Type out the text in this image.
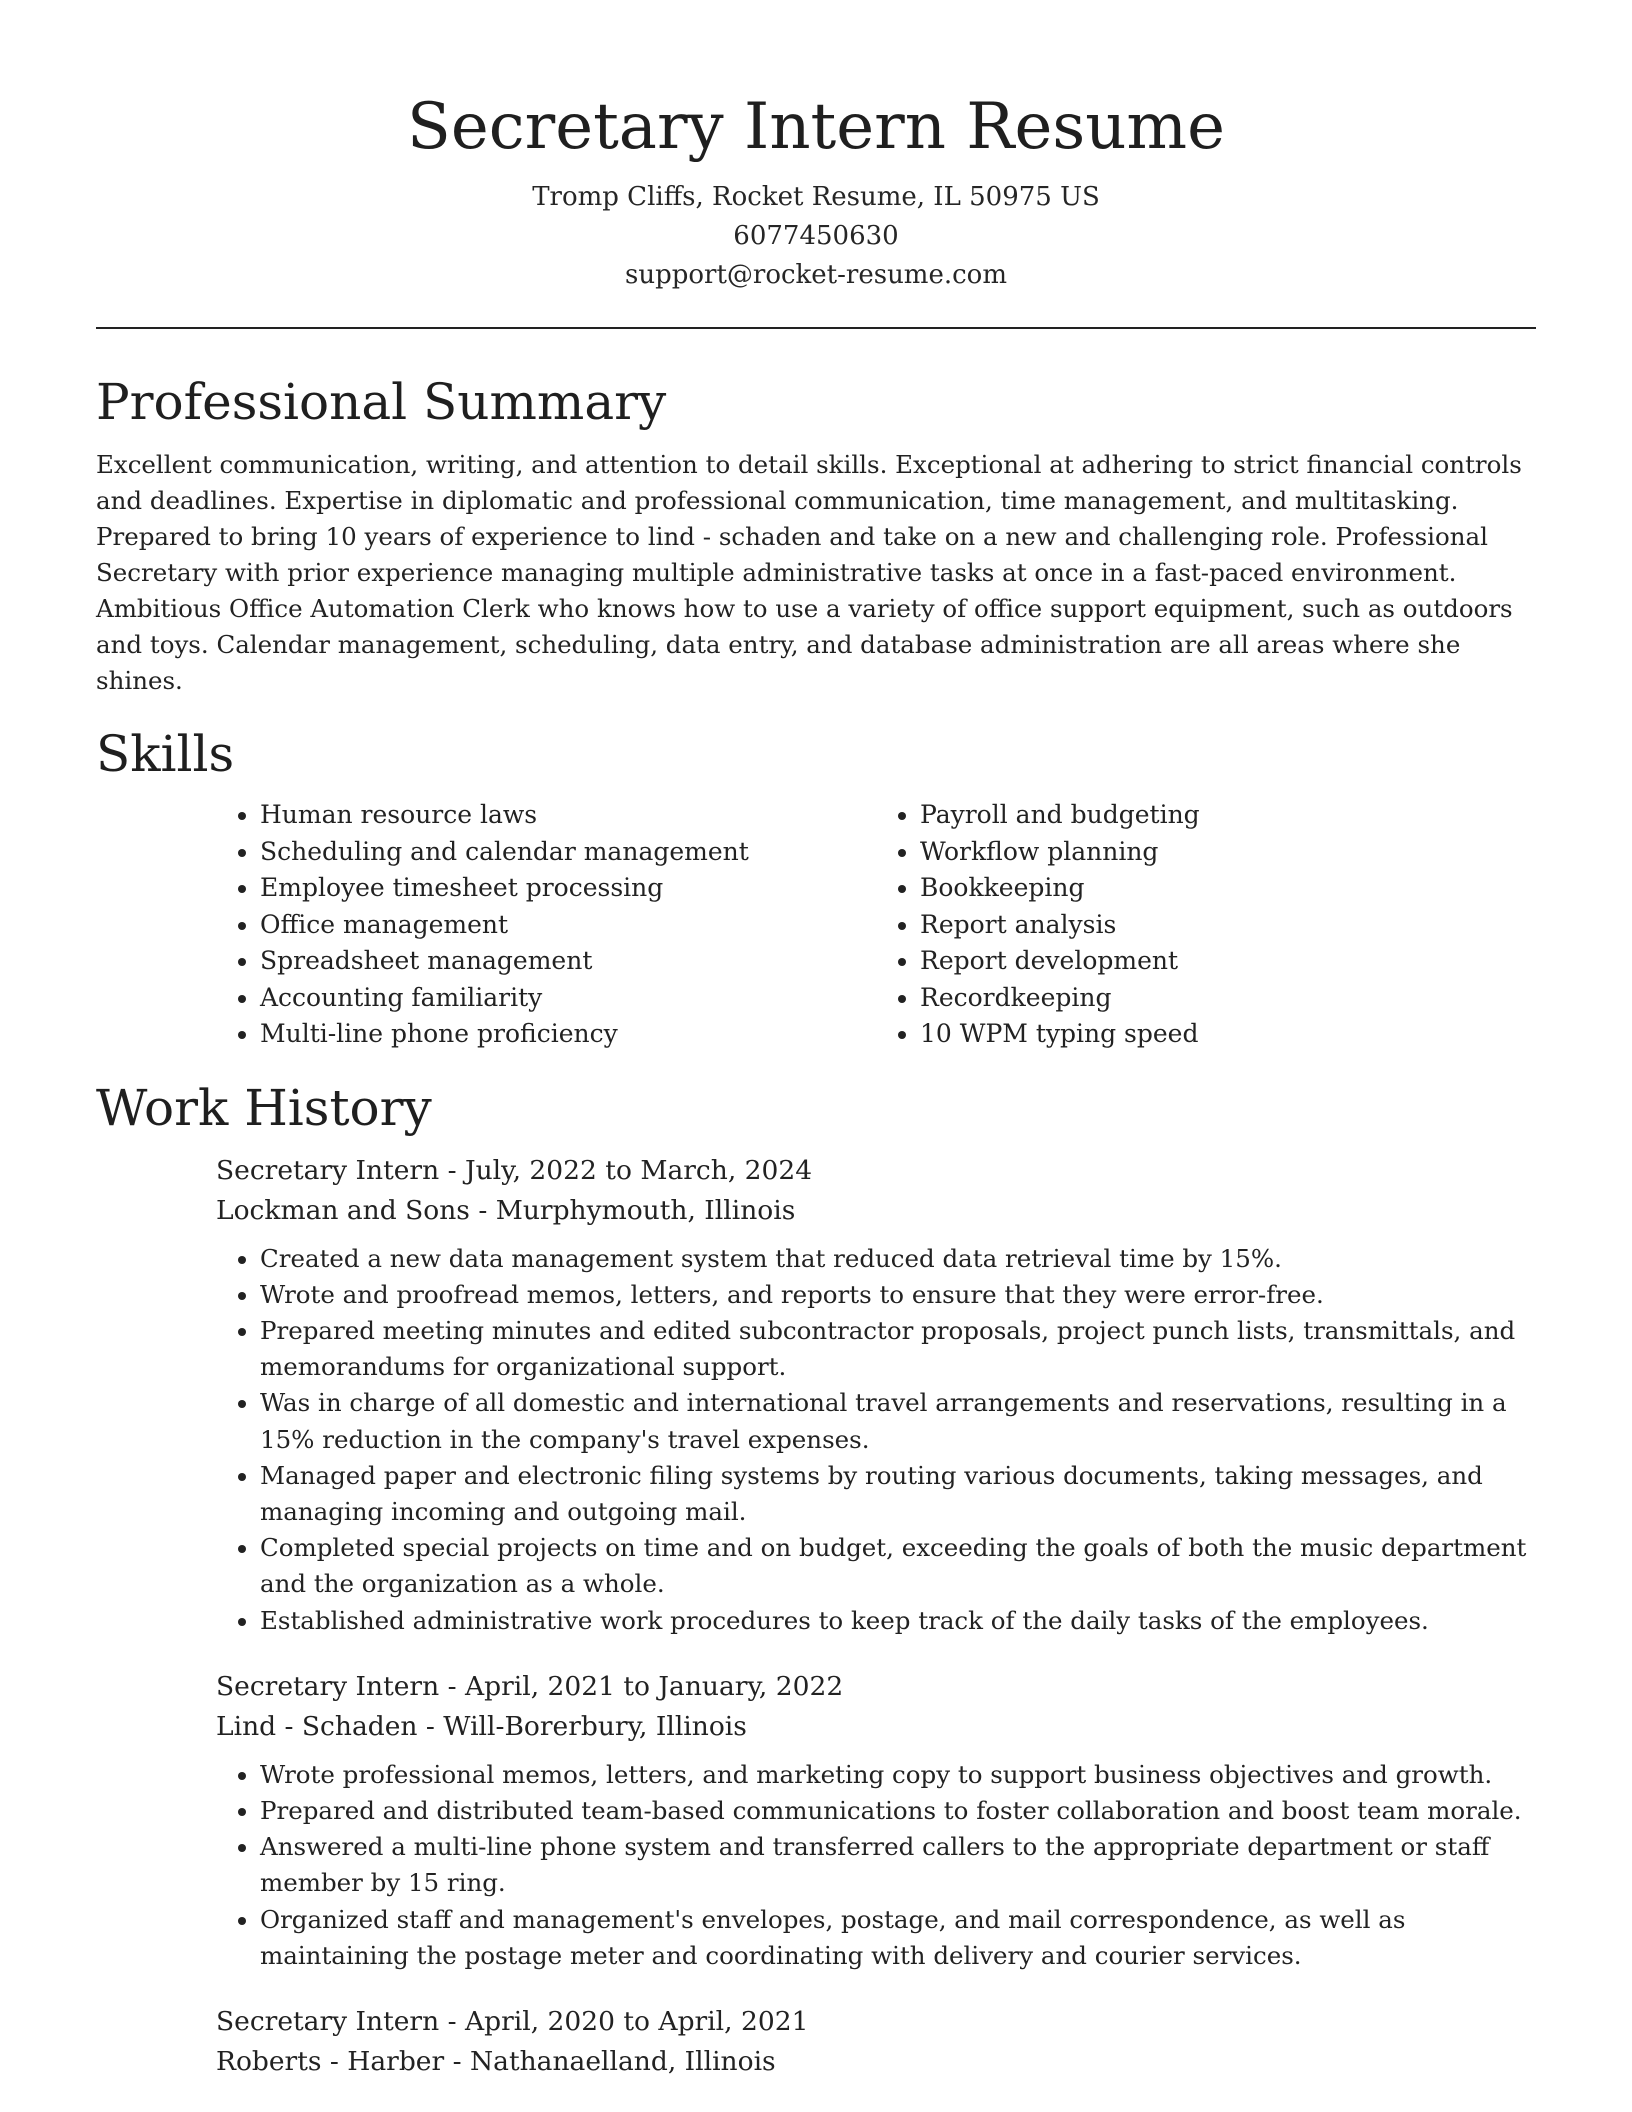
Secretary Intern Resume
Tromp Cliffs, Rocket Resume, IL 50975 US
6077450630
support@rocket-resume.com
Professional Summary

Excellent communication, writing, and attention to detail skills. Exceptional at adhering to strict financial controls and deadlines. Expertise in diplomatic and professional communication, time management, and multitasking. Prepared to bring 10 years of experience to lind - schaden and take on a new and challenging role. Professional Secretary with prior experience managing multiple administrative tasks at once in a fast-paced environment. Ambitious Office Automation Clerk who knows how to use a variety of office support equipment, such as outdoors and toys. Calendar management, scheduling, data entry, and database administration are all areas where she shines.

Skills
• Human resource laws
• Scheduling and calendar management
• Employee timesheet processing
• Office management
• Spreadsheet management
• Accounting familiarity
• Multi-line phone proficiency
• Payroll and budgeting
• Workflow planning
• Bookkeeping
• Report analysis
• Report development
• Recordkeeping
• 10 WPM typing speed
Work History
Secretary Intern - July, 2022 to March, 2024
Lockman and Sons - Murphymouth, Illinois
• Created a new data management system that reduced data retrieval time by 15%.
• Wrote and proofread memos, letters, and reports to ensure that they were error-free.
• Prepared meeting minutes and edited subcontractor proposals, project punch lists, transmittals, and memorandums for organizational support.
• Was in charge of all domestic and international travel arrangements and reservations, resulting in a 15% reduction in the company's travel expenses.
• Managed paper and electronic filing systems by routing various documents, taking messages, and managing incoming and outgoing mail.
• Completed special projects on time and on budget, exceeding the goals of both the music department and the organization as a whole.
• Established administrative work procedures to keep track of the daily tasks of the employees.
Secretary Intern - April, 2021 to January, 2022
Lind - Schaden - Will-Borerbury, Illinois
• Wrote professional memos, letters, and marketing copy to support business objectives and growth.
• Prepared and distributed team-based communications to foster collaboration and boost team morale.
• Answered a multi-line phone system and transferred callers to the appropriate department or staff member by 15 ring.
• Organized staff and management's envelopes, postage, and mail correspondence, as well as maintaining the postage meter and coordinating with delivery and courier services.
Secretary Intern - April, 2020 to April, 2021
Roberts - Harber - Nathanaelland, Illinois
